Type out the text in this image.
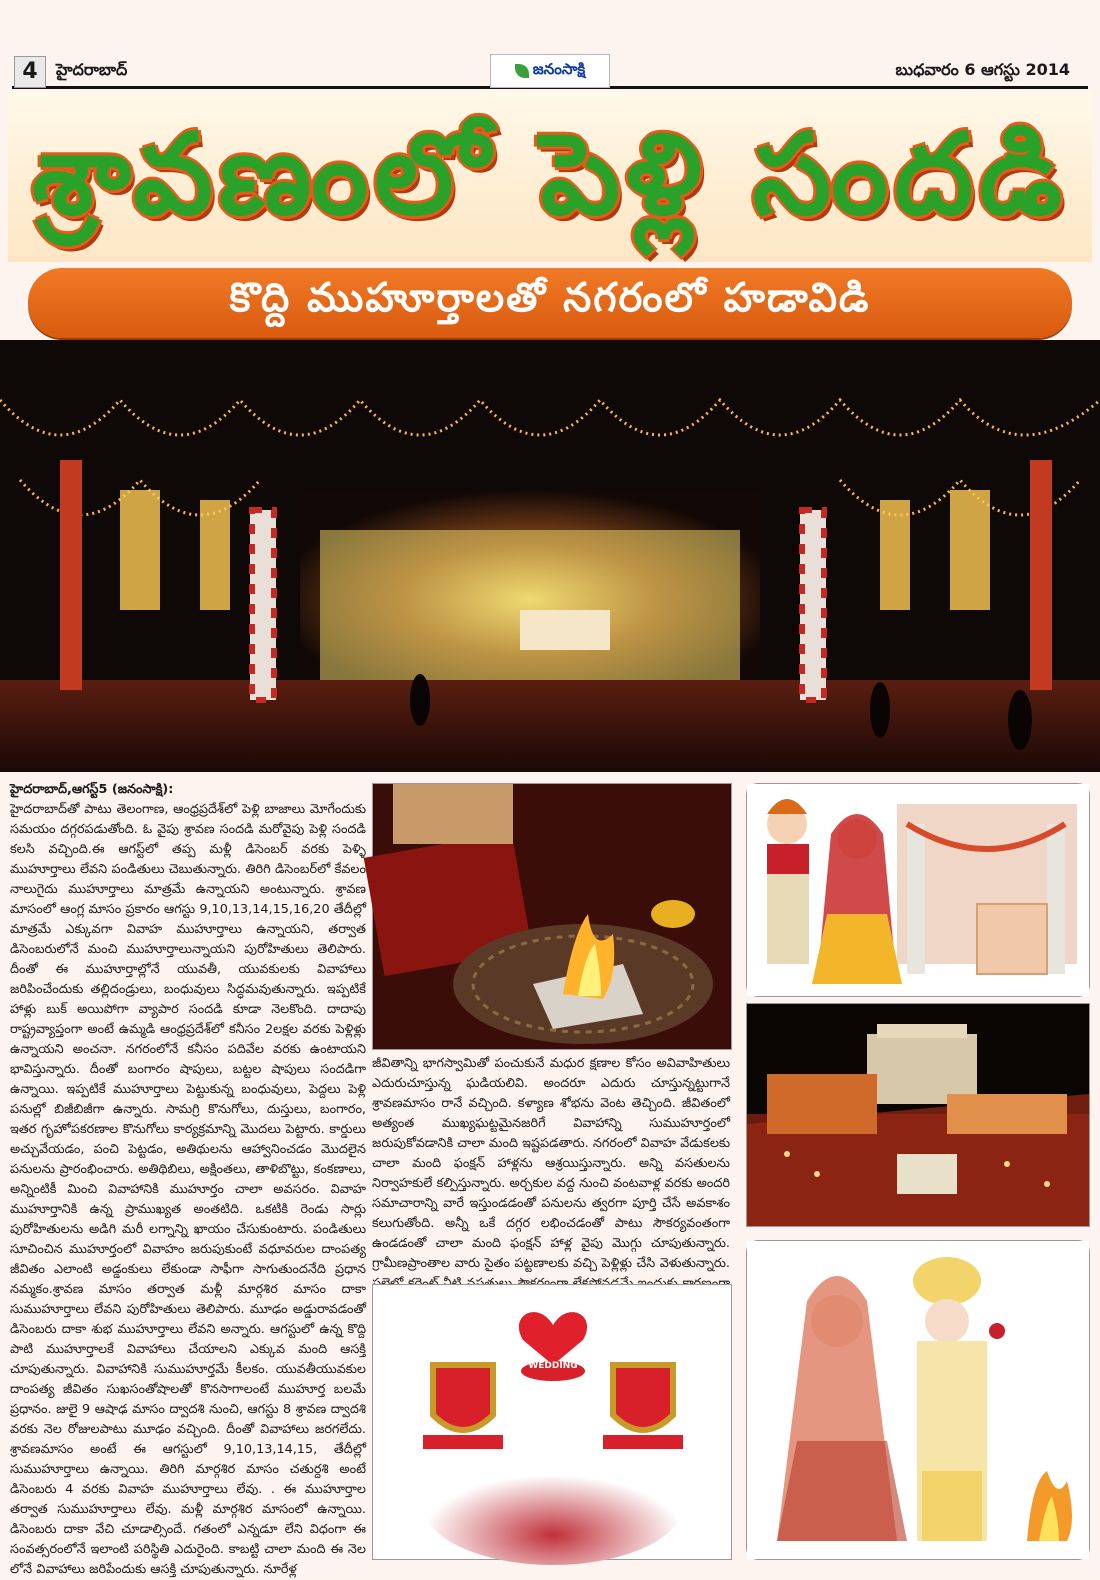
4	హైదరాబాద్	జనంసాక్షి	బుధవారం 6 ఆగస్టు 2014
శ్రావణంలో పెళ్లి సందడి
కొద్ది ముహూర్తాలతో నగరంలో హడావిడి
హైదరాబాద్,ఆగస్ట్‌5 (జనంసాక్షి):
హైదరాబాద్‌తో పాటు తెలంగాణ, ఆంధ్రప్రదేశ్‌లో పెళ్లి బాజాలు మోగేందుకు సమయం దగ్గరపడుతోంది. ఓ వైపు శ్రావణ సందడి మరోవైపు పెళ్లి సందడి కలసి వచ్చింది.ఈ ఆగస్ట్‌లో తప్ప మళ్లీ డిసెంబర్‌ వరకు పెళ్ళి ముహూర్తాలు లేవని పండితులు చెబుతున్నారు. తిరిగి డిసెంబర్‌లో కేవలం నాలుగైదు ముహూర్తాలు మాత్రమే ఉన్నాయని అంటున్నారు. శ్రావణ మాసంలో ఆంగ్ల మాసం ప్రకారం ఆగస్టు 9,10,13,14,15,16,20 తేదీల్లో మాత్రమే ఎక్కువగా వివాహ ముహూర్తాలు ఉన్నాయని, తర్వాత డిసెంబరులోనే మంచి ముహూర్తాలున్నాయని పురోహితులు తెలిపారు. దీంతో ఈ ముహూర్తాల్లోనే యువతీ, యువకులకు వివాహాలు జరిపించేందుకు తల్లిదండ్రులు, బంధువులు సిద్ధమవుతున్నారు. ఇప్పటికే హాళ్లు బుక్‌ అయిపోగా వ్యాపార సందడి కూడా నెలకొంది. దాదాపు రాష్ట్రవ్యాప్తంగా అంటే ఉమ్మడి ఆంధ్రప్రదేశ్‌లో కనీసం 2లక్షల వరకు పెళ్లిళ్లు ఉన్నాయని అంచనా. నగరంలోనే కనీసం పదివేల వరకు ఉంటాయని భావిస్తున్నారు. దీంతో బంగారం షాపులు, బట్టల షాపులు సందడిగా ఉన్నాయి. ఇప్పటికే ముహూర్తాలు పెట్టుకున్న బంధువులు, పెద్దలు పెళ్లి పనుల్లో బిజీబిజీగా ఉన్నారు. సామగ్రి కొనుగోలు, దుస్తులు, బంగారం, ఇతర గృహోపకరణాల కొనుగోలు కార్యక్రమాన్ని మొదలు పెట్టారు. కార్డులు అచ్చువేయడం, పంచి పెట్టడం, అతిథులను ఆహ్వానించడం మొదలైన పనులను ప్రారంభించారు. అతిథిబిలు, అక్షింతలు, తాళిబొట్టు, కంకణాలు, అన్నింటికీ మించి వివాహానికి ముహూర్తం చాలా అవసరం. వివాహ ముహూర్తానికి ఉన్న ప్రాముఖ్యత అంతటిది. ఒకటికి రెండు సార్లు పురోహితులను అడిగి మరీ లగ్నాన్ని ఖాయం చేసుకుంటారు. పండితులు సూచించిన ముహూర్తంలో వివాహం జరుపుకుంటే వధూవరుల దాంపత్య జీవితం ఎలాంటి అడ్డంకులు లేకుండా సాఫీగా సాగుతుందనేది ప్రధాన నమ్మకం.శ్రావణ మాసం తర్వాత మళ్లీ మార్గశిర మాసం దాకా సుముహూర్తాలు లేవని పురోహితులు తెలిపారు. మూఢం అడ్డురావడంతో డిసెంబరు దాకా శుభ ముహూర్తాలు లేవని అన్నారు. ఆగస్టులో ఉన్న కొద్ది పాటి ముహూర్తాలకే వివాహాలు చేయాలని ఎక్కువ మంది ఆసక్తి చూపుతున్నారు. వివాహానికి సుముహూర్తమే కీలకం. యువతీయువకుల దాంపత్య జీవితం సుఖసంతోషాలతో కొనసాగాలంటే ముహూర్త బలమే ప్రధానం. జులై 9 ఆషాఢ మాసం ద్వాదశి నుంచి, ఆగస్టు 8 శ్రావణ ద్వాదశి వరకు నెల రోజులపాటు మూఢం వచ్చింది. దీంతో వివాహాలు జరగలేదు. శ్రావణమాసం అంటే ఈ ఆగస్టులో 9,10,13,14,15, తేదీల్లో సుముహూర్తాలు ఉన్నాయి. తిరిగి మార్గశిర మాసం చతుర్దశి అంటే డిసెంబరు 4 వరకు వివాహ ముహూర్తాలు లేవు. . ఈ ముహూర్తాల తర్వాత సుముహూర్తాలు లేవు. మళ్లీ మార్గశిర మాసంలో ఉన్నాయి. డిసెంబరు దాకా వేచి చూడాల్సిందే. గతంలో ఎన్నడూ లేని విధంగా ఈ సంవత్సరంలోనే ఇలాంటి పరిస్థితి ఎదురైంది. కాబట్టి చాలా మంది ఈ నెల లోనే వివాహాలు జరిపేందుకు ఆసక్తి చూపుతున్నారు. నూరేళ్ల
జీవితాన్ని భాగస్వామితో పంచుకునే మధుర క్షణాల కోసం అవివాహితులు ఎదురుచూస్తున్న ఘడియలివి. అందరూ ఎదురు చూస్తున్నట్టుగానే శ్రావణమాసం రానే వచ్చింది. కళ్యాణ శోభను వెంట తెచ్చింది. జీవితంలో అత్యంత ముఖ్యఘట్టమైనజరిగే వివాహాన్ని సుముహూర్తంలో జరుపుకోవడానికి చాలా మంది ఇష్టపడతారు. నగరంలో వివాహ వేడుకలకు చాలా మంది ఫంక్షన్‌ హాళ్లను ఆశ్రయిస్తున్నారు. అన్ని వసతులను నిర్వాహకులే కల్పిస్తున్నారు. అర్చకుల వద్ద నుంచి వంటవాళ్ల వరకు అందరి సమాచారాన్ని వారే ఇస్తుండడంతో పనులను త్వరగా పూర్తి చేసే అవకాశం కలుగుతోంది. అన్నీ ఒకే దగ్గర లభించడంతో పాటు సౌకర్యవంతంగా ఉండడంతో చాలా మంది ఫంక్షన్‌ హాళ్ల వైపు మొగ్గు చూపుతున్నారు. గ్రామీణప్రాంతాల వారు సైతం పట్టణాలకు వచ్చి పెళ్లిళ్లు చేసి వెళుతున్నారు.
WEDDING
